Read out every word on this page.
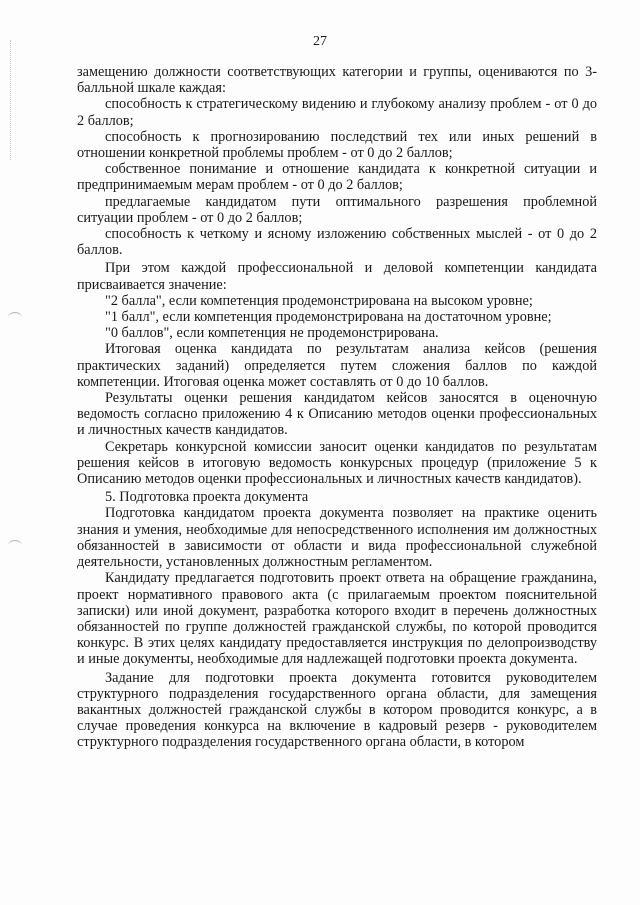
27

замещению должности соответствующих категории и группы, оцениваются по 3-балльной шкале каждая:

способность к стратегическому видению и глубокому анализу проблем - от 0 до 2 баллов;

способность к прогнозированию последствий тех или иных решений в отношении конкретной проблемы проблем - от 0 до 2 баллов;

собственное понимание и отношение кандидата к конкретной ситуации и предпринимаемым мерам проблем - от 0 до 2 баллов;

предлагаемые кандидатом пути оптимального разрешения проблемной ситуации проблем - от 0 до 2 баллов;

способность к четкому и ясному изложению собственных мыслей - от 0 до 2 баллов.

При этом каждой профессиональной и деловой компетенции кандидата присваивается значение:

"2 балла", если компетенция продемонстрирована на высоком уровне;

"1 балл", если компетенция продемонстрирована на достаточном уровне;

"0 баллов", если компетенция не продемонстрирована.

Итоговая оценка кандидата по результатам анализа кейсов (решения практических заданий) определяется путем сложения баллов по каждой компетенции. Итоговая оценка может составлять от 0 до 10 баллов.

Результаты оценки решения кандидатом кейсов заносятся в оценочную ведомость согласно приложению 4 к Описанию методов оценки профессиональных и личностных качеств кандидатов.

Секретарь конкурсной комиссии заносит оценки кандидатов по результатам решения кейсов в итоговую ведомость конкурсных процедур (приложение 5 к Описанию методов оценки профессиональных и личностных качеств кандидатов).

5. Подготовка проекта документа

Подготовка кандидатом проекта документа позволяет на практике оценить знания и умения, необходимые для непосредственного исполнения им должностных обязанностей в зависимости от области и вида профессиональной служебной деятельности, установленных должностным регламентом.

Кандидату предлагается подготовить проект ответа на обращение гражданина, проект нормативного правового акта (с прилагаемым проектом пояснительной записки) или иной документ, разработка которого входит в перечень должностных обязанностей по группе должностей гражданской службы, по которой проводится конкурс. В этих целях кандидату предоставляется инструкция по делопроизводству и иные документы, необходимые для надлежащей подготовки проекта документа.

Задание для подготовки проекта документа готовится руководителем структурного подразделения государственного органа области, для замещения вакантных должностей гражданской службы в котором проводится конкурс, а в случае проведения конкурса на включение в кадровый резерв - руководителем структурного подразделения государственного органа области, в котором
